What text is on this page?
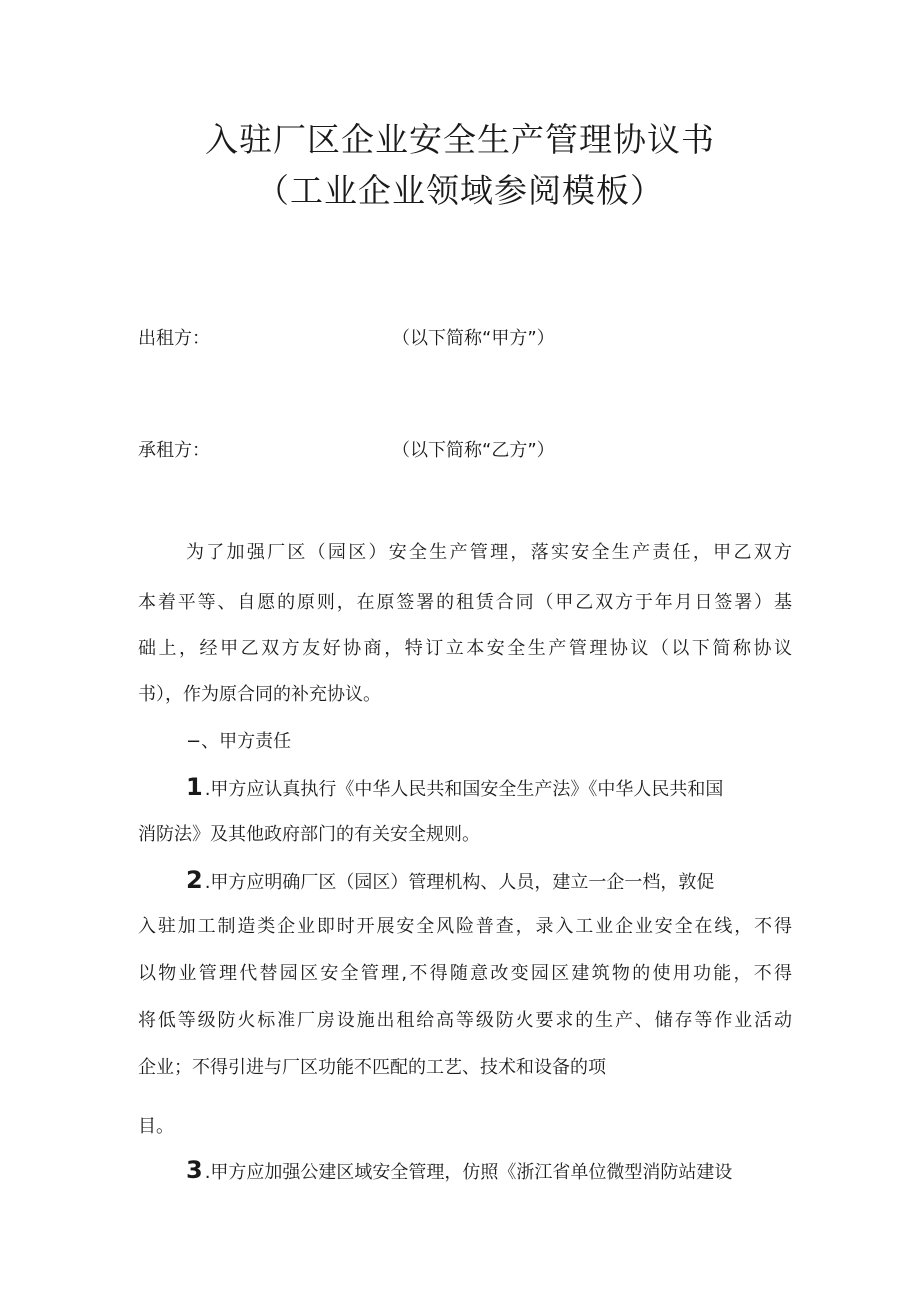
入驻厂区企业安全生产管理协议书
（工业企业领域参阅模板）
出租方：	（以下简称“甲方”）
承租方：	（以下简称“乙方”）
为了加强厂区（园区）安全生产管理，落实安全生产责任，甲乙双方
本着平等、自愿的原则，在原签署的租赁合同（甲乙双方于年月日签署）基
础上，经甲乙双方友好协商，特订立本安全生产管理协议（以下简称协议
书），作为原合同的补充协议。
−、甲方责任
1 .甲方应认真执行《中华人民共和国安全生产法》《中华人民共和国
消防法》及其他政府部门的有关安全规则。
2 .甲方应明确厂区（园区）管理机构、人员，建立一企一档，敦促
入驻加工制造类企业即时开展安全风险普查，录入工业企业安全在线，不得
以物业管理代替园区安全管理,不得随意改变园区建筑物的使用功能，不得
将低等级防火标准厂房设施出租给高等级防火要求的生产、储存等作业活动
企业；不得引进与厂区功能不匹配的工艺、技术和设备的项
目。
3 .甲方应加强公建区域安全管理，仿照《浙江省单位微型消防站建设
